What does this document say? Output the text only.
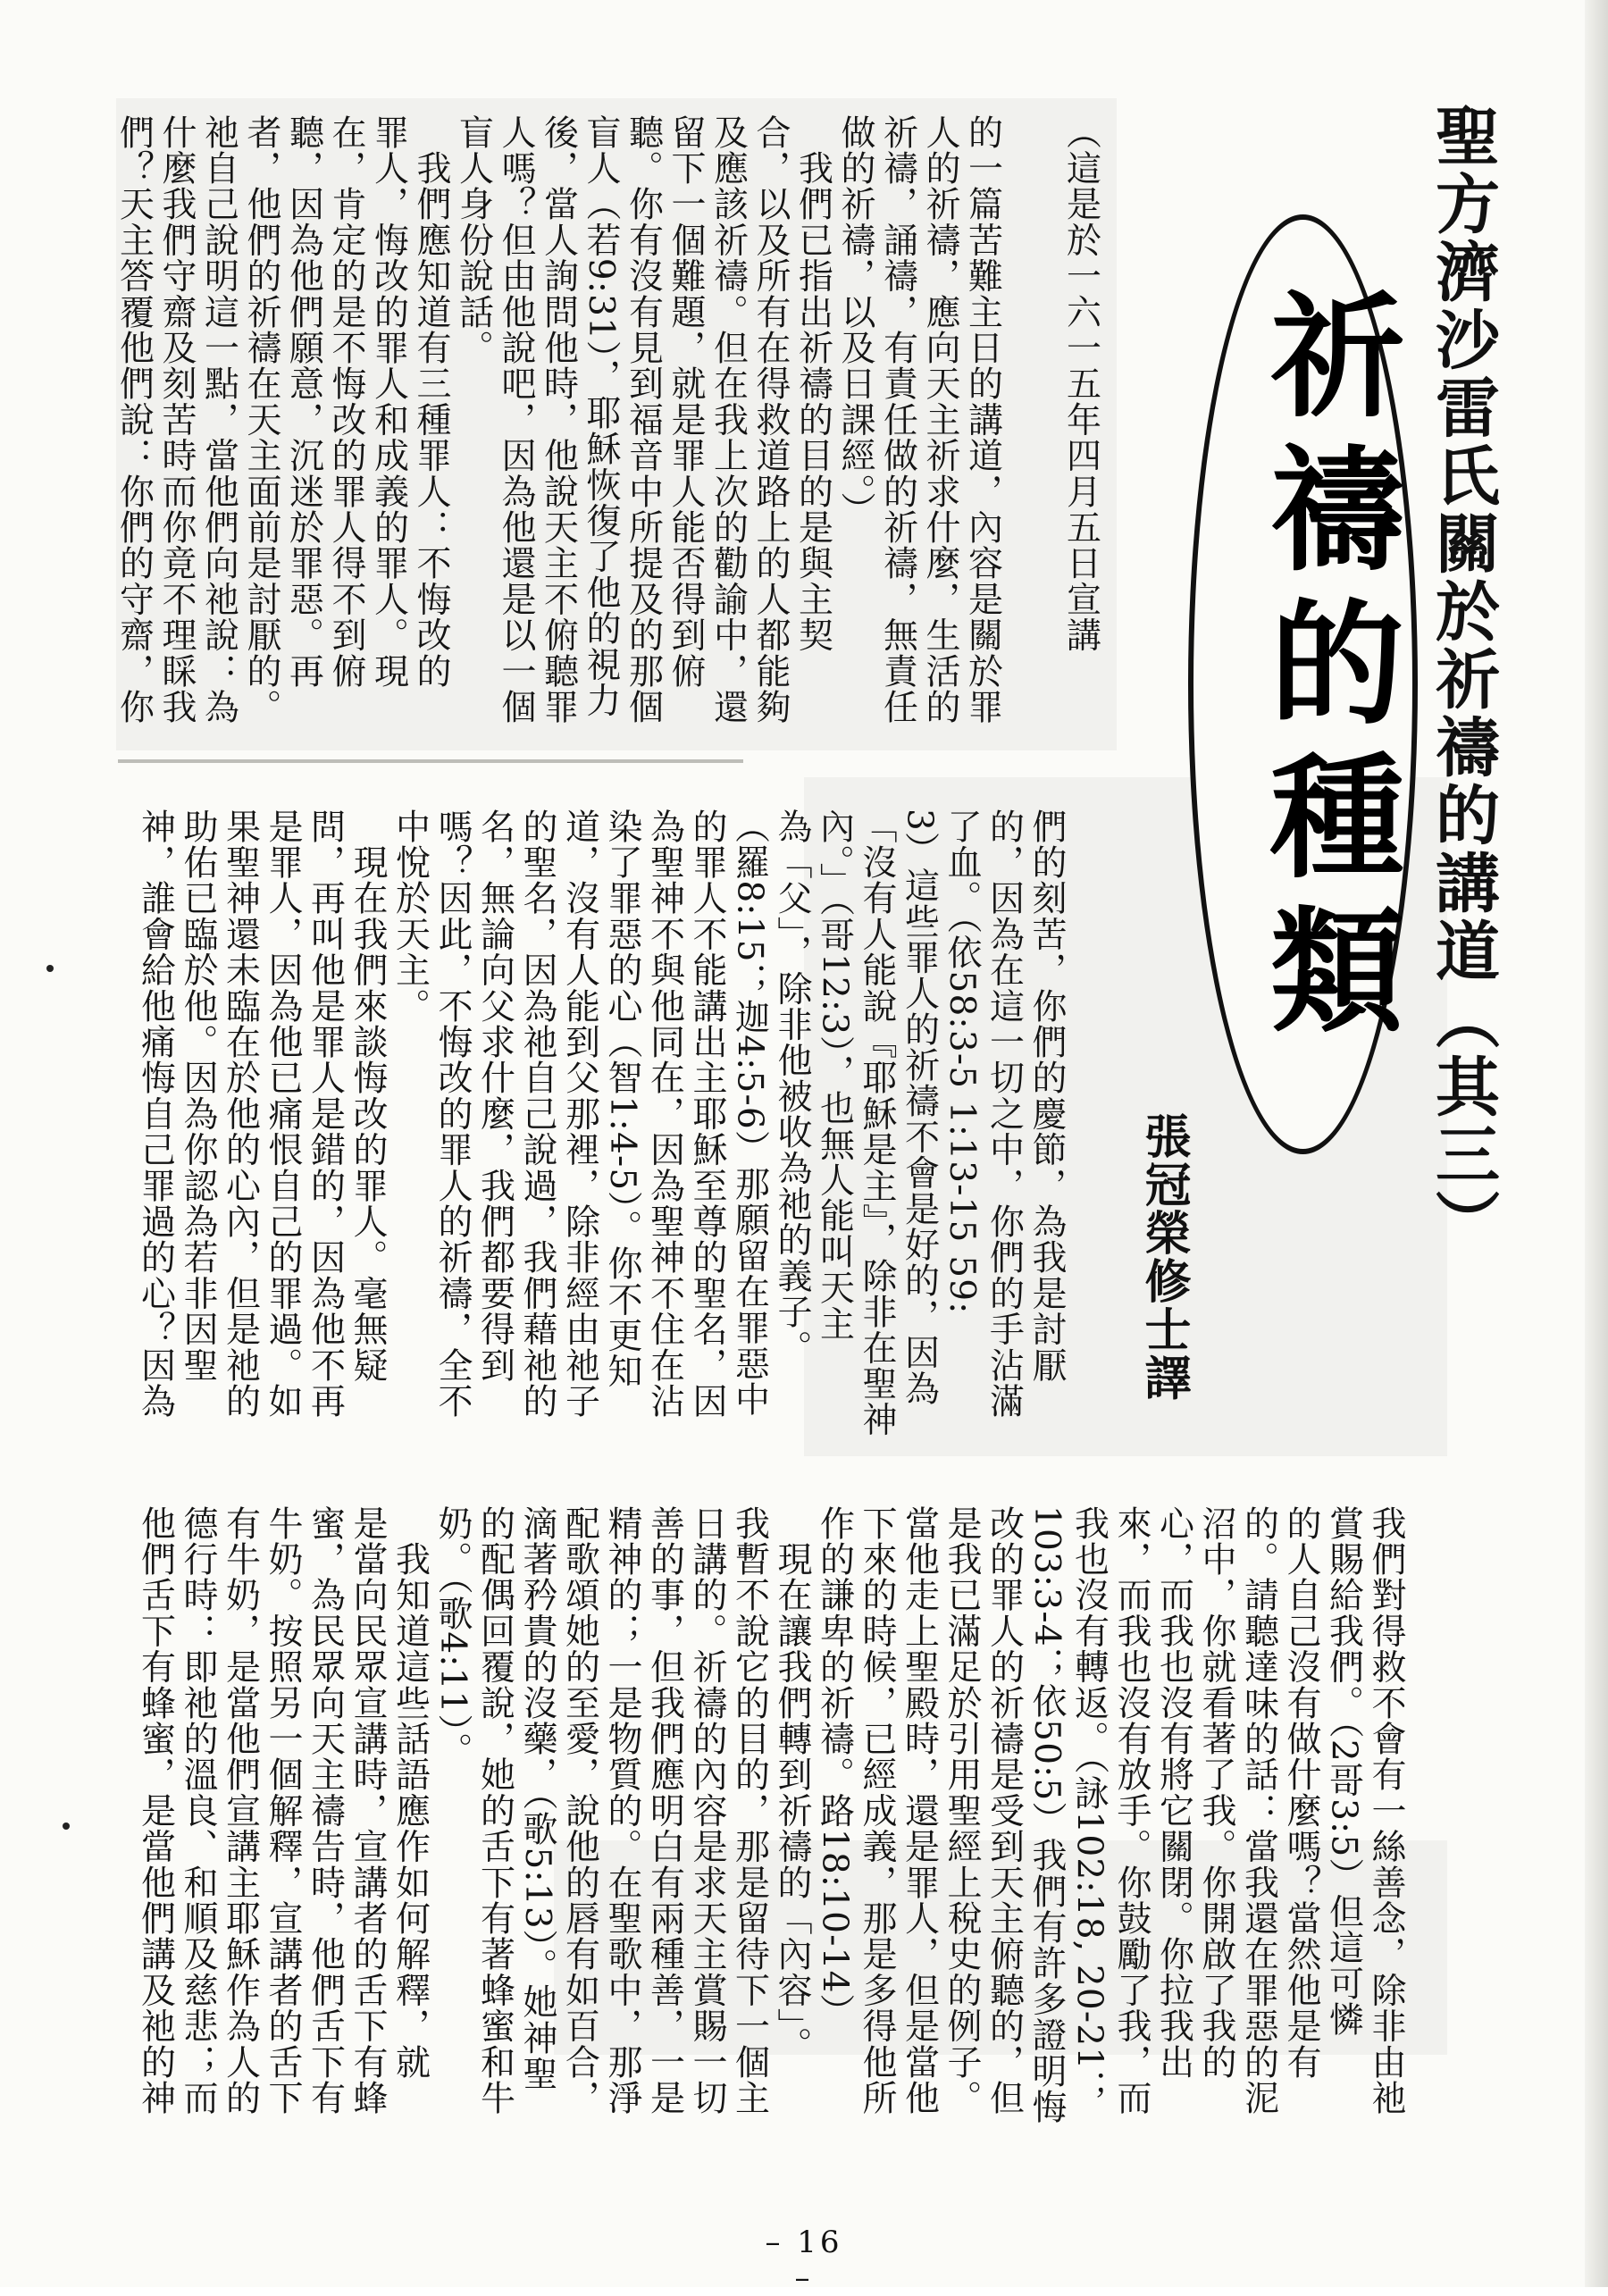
聖方濟沙雷氏關於祈禱的講道（其三）
祈禱的種類
（這是於一六一五年四月五日宣講
的一篇苦難主日的講道，內容是關於罪
人的祈禱，應向天主祈求什麼，生活的
祈禱，誦禱，有責任做的祈禱，無責任
做的祈禱，以及日課經。）
　我們已指出祈禱的目的是與主契
合，以及所有在得救道路上的人都能夠
及應該祈禱。但在我上次的勸諭中，還
留下一個難題，就是罪人能否得到俯
聽。你有沒有見到福音中所提及的那個
盲人（若9:31），耶穌恢復了他的視力
後，當人詢問他時，他說天主不俯聽罪
人嗎？但由他說吧，因為他還是以一個
盲人身份說話。
　我們應知道有三種罪人：不悔改的
罪人，悔改的罪人和成義的罪人。現
在，肯定的是不悔改的罪人得不到俯
聽，因為他們願意，沉迷於罪惡。再
者，他們的祈禱在天主面前是討厭的。
祂自己說明這一點，當他們向祂說：為
什麼我們守齋及刻苦時而你竟不理睬我
們？天主答覆他們說：你們的守齋，你
張冠榮修士譯
們的刻苦，你們的慶節，為我是討厭
的，因為在這一切之中，你們的手沾滿
了血。（依58:3-5 1:13-15 59:
3）這些罪人的祈禱不會是好的，因為
「沒有人能說『耶穌是主』，除非在聖神
內。」（哥12:3），也無人能叫天主
為「父」，除非他被收為祂的義子。
（羅8:15；迦4:5-6）那願留在罪惡中
的罪人不能講出主耶穌至尊的聖名，因
為聖神不與他同在，因為聖神不住在沾
染了罪惡的心（智1:4-5）。你不更知
道，沒有人能到父那裡，除非經由祂子
的聖名，因為祂自己說過，我們藉祂的
名，無論向父求什麼，我們都要得到
嗎？因此，不悔改的罪人的祈禱，全不
中悅於天主。
　現在我們來談悔改的罪人。毫無疑
問，再叫他是罪人是錯的，因為他不再
是罪人，因為他已痛恨自己的罪過。如
果聖神還未臨在於他的心內，但是祂的
助佑已臨於他。因為你認為若非因聖
神，誰會給他痛悔自己罪過的心？因為
我們對得救不會有一絲善念，除非由祂
賞賜給我們。（2哥3:5）但這可憐
的人自己沒有做什麼嗎？當然他是有
的。請聽達味的話：當我還在罪惡的泥
沼中，你就看著了我。你開啟了我的
心，而我也沒有將它關閉。你拉我出
來，而我也沒有放手。你鼓勵了我，而
我也沒有轉返。（詠102:18, 20-21；
103:3-4；依50:5）我們有許多證明悔
改的罪人的祈禱是受到天主俯聽的，但
是我已滿足於引用聖經上稅史的例子。
當他走上聖殿時，還是罪人，但是當他
下來的時候，已經成義，那是多得他所
作的謙卑的祈禱。路18:10-14）
　現在讓我們轉到祈禱的「內容」。
我暫不說它的目的，那是留待下一個主
日講的。祈禱的內容是求天主賞賜一切
善的事，但我們應明白有兩種善，一是
精神的；一是物質的。在聖歌中，那淨
配歌頌她的至愛，說他的唇有如百合，
滴著矜貴的沒藥，（歌5:13）。她神聖
的配偶回覆說，她的舌下有著蜂蜜和牛
奶。（歌4:11）。
　我知道這些話語應作如何解釋，就
是當向民眾宣講時，宣講者的舌下有蜂
蜜，為民眾向天主禱告時，他們舌下有
牛奶。按照另一個解釋，宣講者的舌下
有牛奶，是當他們宣講主耶穌作為人的
德行時：即祂的溫良、和順及慈悲；而
他們舌下有蜂蜜，是當他們講及祂的神
– 16 –
